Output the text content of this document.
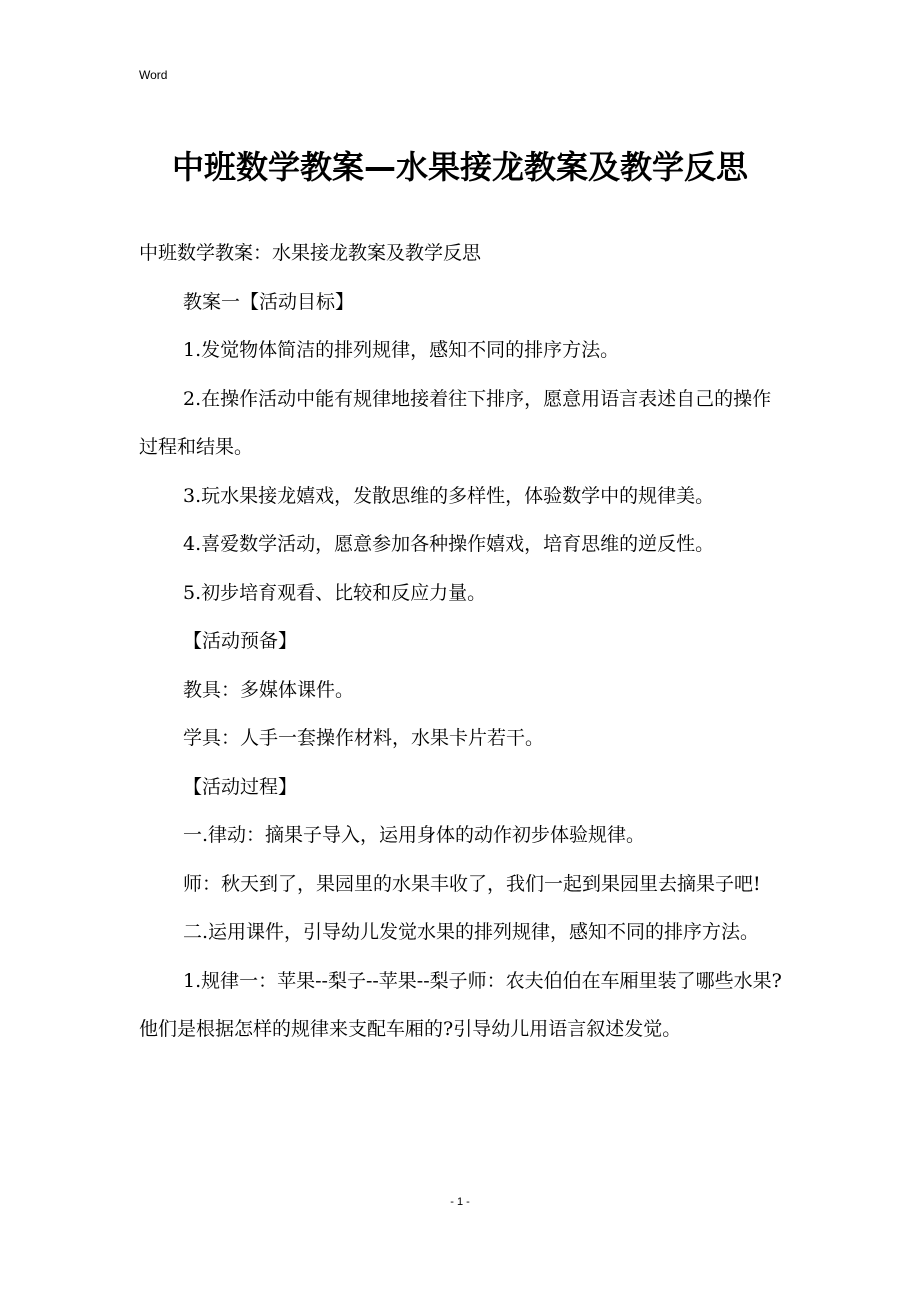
Word
中班数学教案—水果接龙教案及教学反思

中班数学教案：水果接龙教案及教学反思

教案一【活动目标】

1.发觉物体简洁的排列规律，感知不同的排序方法。

2.在操作活动中能有规律地接着往下排序，愿意用语言表述自己的操作过程和结果。

3.玩水果接龙嬉戏，发散思维的多样性，体验数学中的规律美。

4.喜爱数学活动，愿意参加各种操作嬉戏，培育思维的逆反性。

5.初步培育观看、比较和反应力量。

【活动预备】

教具：多媒体课件。

学具：人手一套操作材料，水果卡片若干。

【活动过程】

一.律动：摘果子导入，运用身体的动作初步体验规律。

师：秋天到了，果园里的水果丰收了，我们一起到果园里去摘果子吧!

二.运用课件，引导幼儿发觉水果的排列规律，感知不同的排序方法。

1.规律一：苹果--梨子--苹果--梨子师：农夫伯伯在车厢里装了哪些水果?他们是根据怎样的规律来支配车厢的?引导幼儿用语言叙述发觉。

- 1 -
